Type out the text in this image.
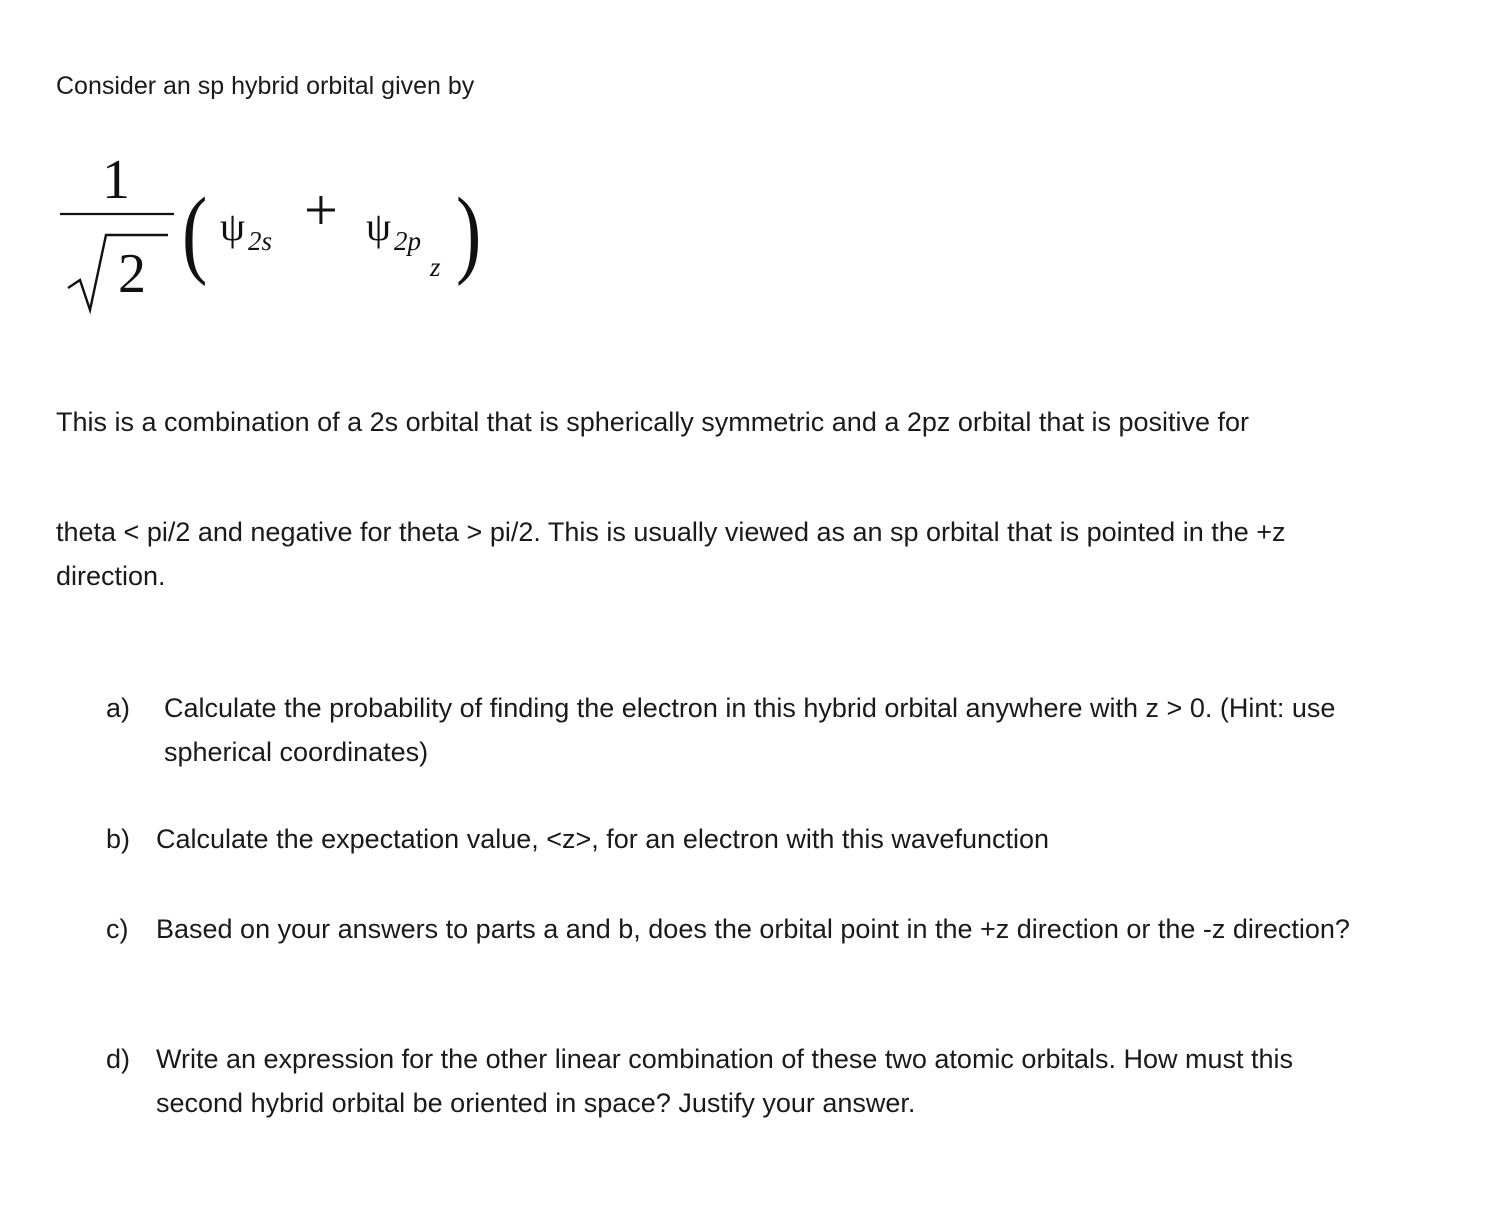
Consider an sp hybrid orbital given by

1
2 ( ψ 2s + ψ 2p
z )

This is a combination of a 2s orbital that is spherically symmetric and a 2pz orbital that is positive for

theta < pi/2 and negative for theta > pi/2. This is usually viewed as an sp orbital that is pointed in the +z direction.

a)	Calculate the probability of finding the electron in this hybrid orbital anywhere with z > 0. (Hint: use spherical coordinates)
b) Calculate the expectation value, <z>, for an electron with this wavefunction
c)	Based on your answers to parts a and b, does the orbital point in the +z direction or the -z direction?
d) Write an expression for the other linear combination of these two atomic orbitals. How must this second hybrid orbital be oriented in space? Justify your answer.
